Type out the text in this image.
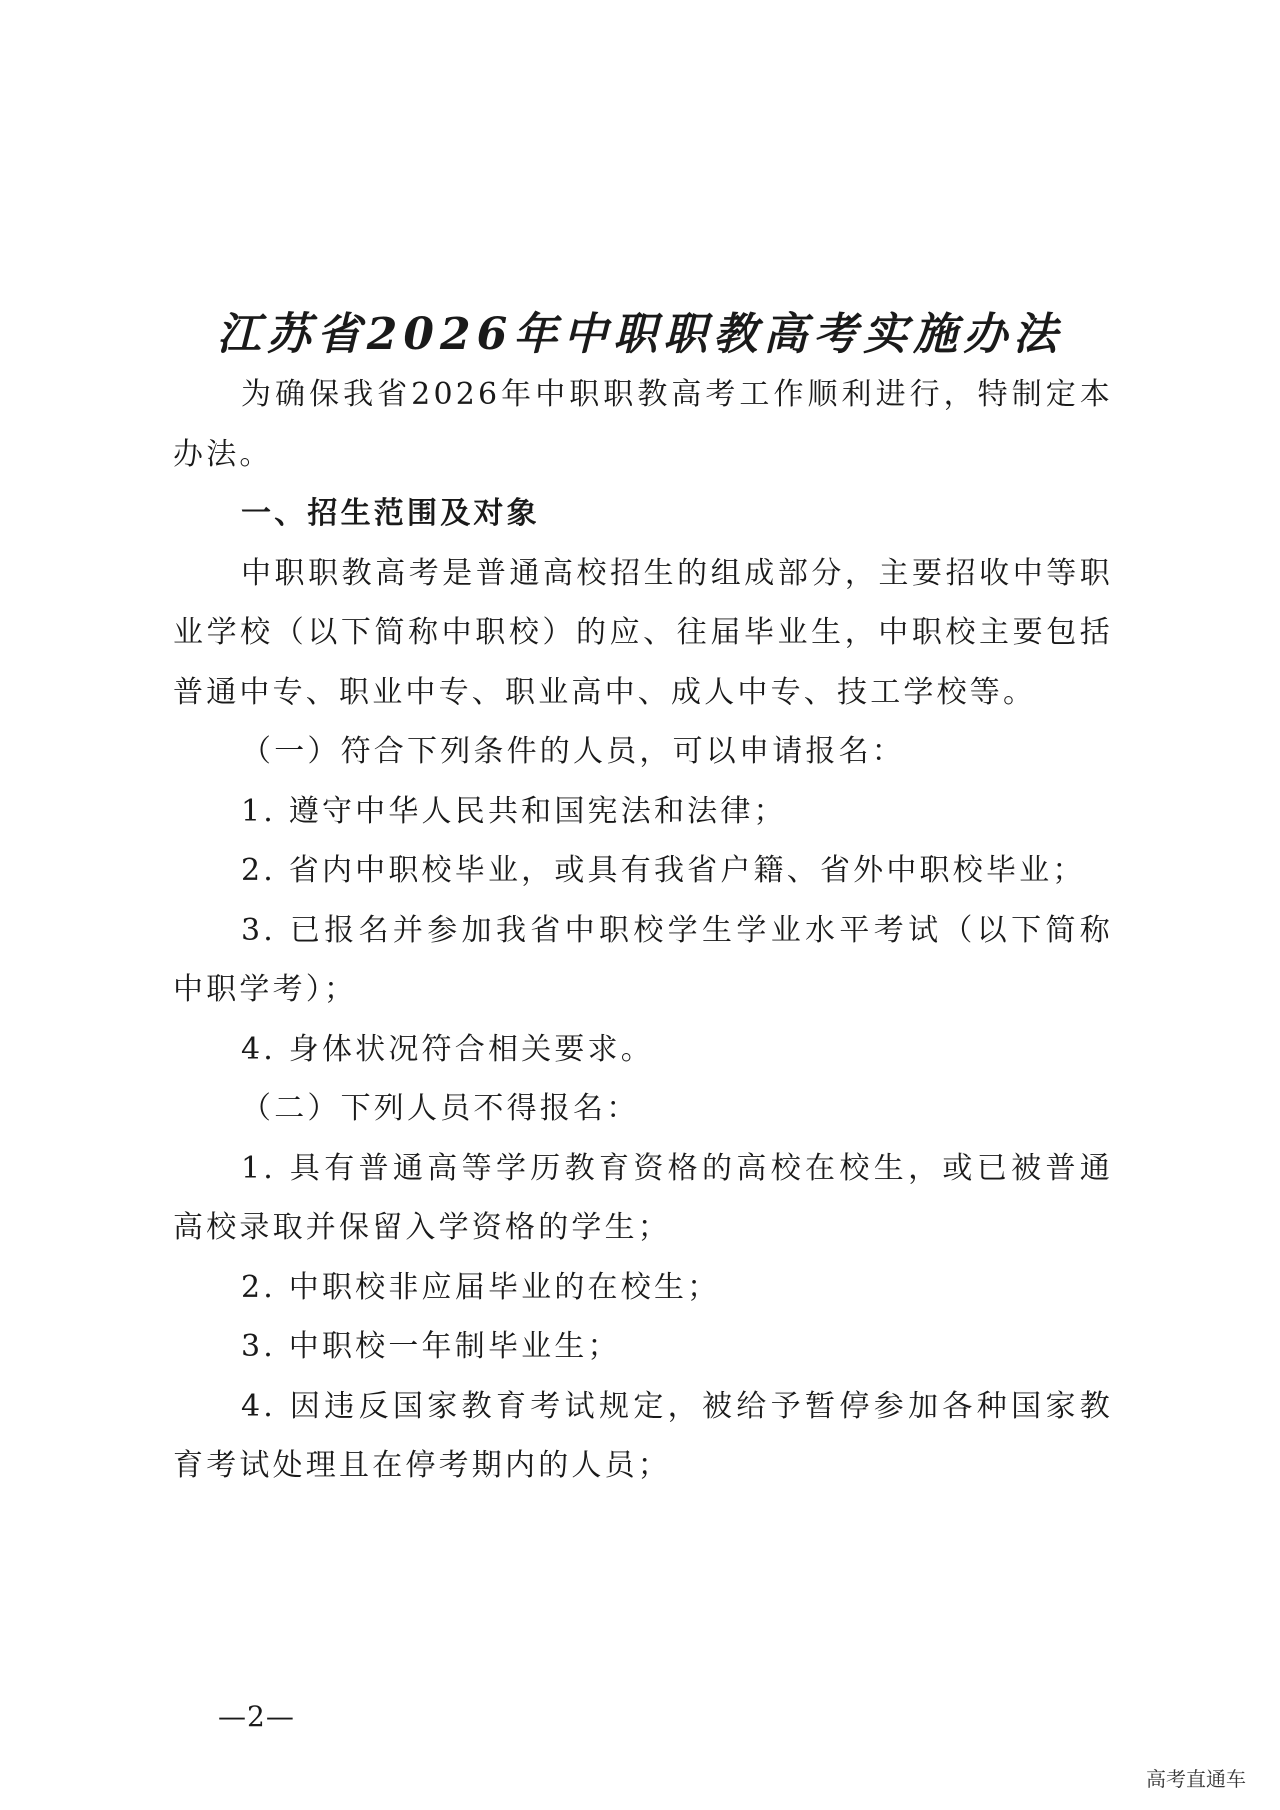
江苏省2026年中职职教高考实施办法

为确保我省2026年中职职教高考工作顺利进行，特制定本办法。

一、招生范围及对象

中职职教高考是普通高校招生的组成部分，主要招收中等职业学校（以下简称中职校）的应、往届毕业生，中职校主要包括普通中专、职业中专、职业高中、成人中专、技工学校等。

（一）符合下列条件的人员，可以申请报名：

1. 遵守中华人民共和国宪法和法律；

2. 省内中职校毕业，或具有我省户籍、省外中职校毕业；

3. 已报名并参加我省中职校学生学业水平考试（以下简称中职学考）；

4. 身体状况符合相关要求。

（二）下列人员不得报名：

1. 具有普通高等学历教育资格的高校在校生，或已被普通高校录取并保留入学资格的学生；

2. 中职校非应届毕业的在校生；

3. 中职校一年制毕业生；

4. 因违反国家教育考试规定，被给予暂停参加各种国家教育考试处理且在停考期内的人员；

—2—
高考直通车
